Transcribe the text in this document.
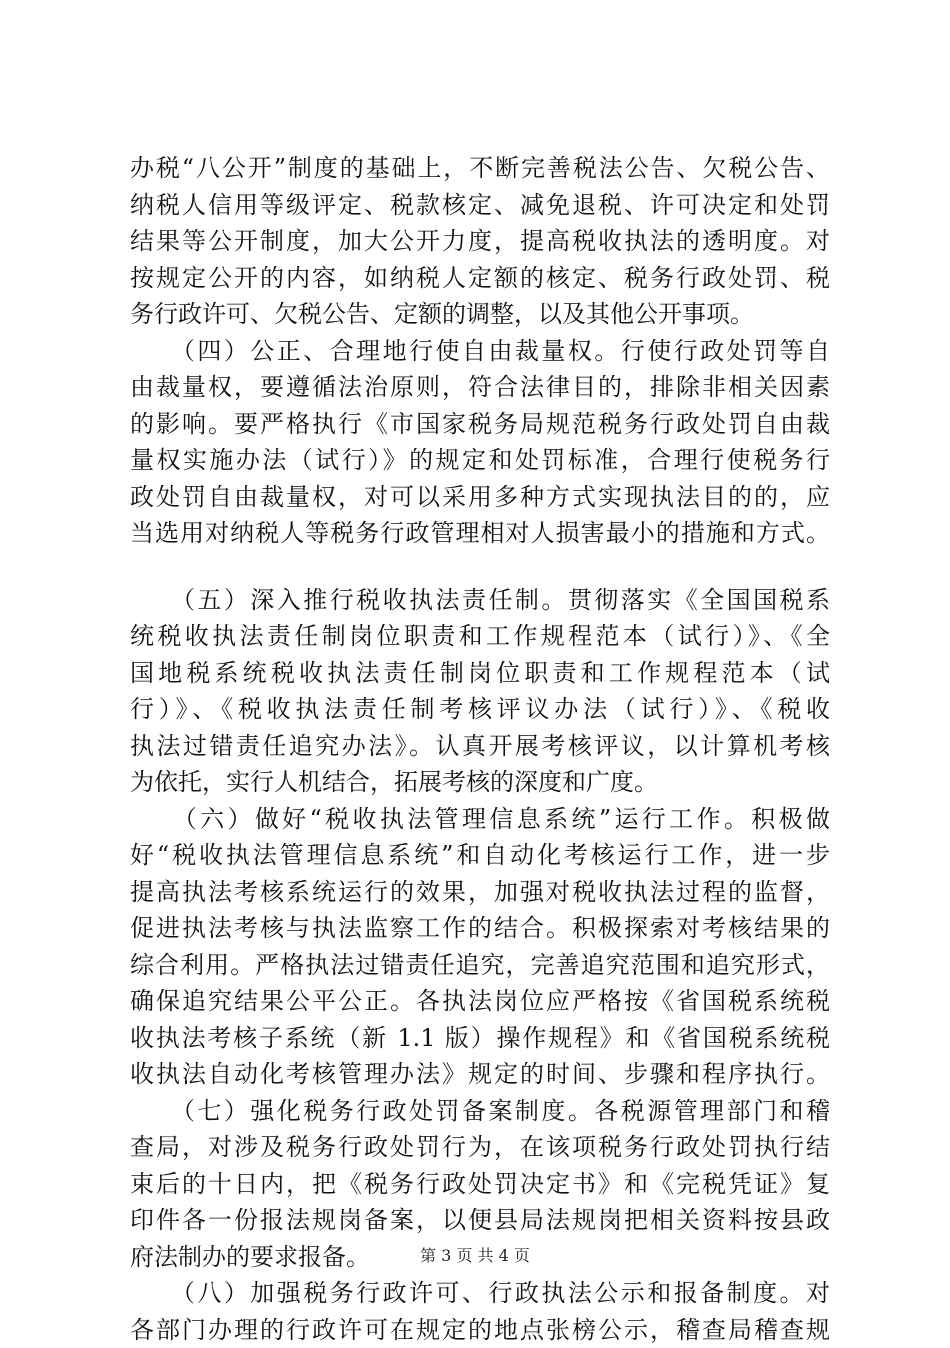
办税“八公开”制度的基础上，不断完善税法公告、欠税公告、
纳税人信用等级评定、税款核定、减免退税、许可决定和处罚
结果等公开制度，加大公开力度，提高税收执法的透明度。对
按规定公开的内容，如纳税人定额的核定、税务行政处罚、税
务行政许可、欠税公告、定额的调整，以及其他公开事项。
　　（四）公正、合理地行使自由裁量权。行使行政处罚等自
由裁量权，要遵循法治原则，符合法律目的，排除非相关因素
的影响。要严格执行《市国家税务局规范税务行政处罚自由裁
量权实施办法（试行）》的规定和处罚标准，合理行使税务行
政处罚自由裁量权，对可以采用多种方式实现执法目的的，应
当选用对纳税人等税务行政管理相对人损害最小的措施和方式。
　　（五）深入推行税收执法责任制。贯彻落实《全国国税系
统税收执法责任制岗位职责和工作规程范本（试行）》、《全
国地税系统税收执法责任制岗位职责和工作规程范本（试
行）》、《税收执法责任制考核评议办法（试行）》、《税收
执法过错责任追究办法》。认真开展考核评议，以计算机考核
为依托，实行人机结合，拓展考核的深度和广度。
　　（六）做好“税收执法管理信息系统”运行工作。积极做
好“税收执法管理信息系统”和自动化考核运行工作，进一步
提高执法考核系统运行的效果，加强对税收执法过程的监督，
促进执法考核与执法监察工作的结合。积极探索对考核结果的
综合利用。严格执法过错责任追究，完善追究范围和追究形式，
确保追究结果公平公正。各执法岗位应严格按《省国税系统税
收执法考核子系统（新 1.1 版）操作规程》和《省国税系统税
收执法自动化考核管理办法》规定的时间、步骤和程序执行。
　　（七）强化税务行政处罚备案制度。各税源管理部门和稽
查局，对涉及税务行政处罚行为，在该项税务行政处罚执行结
束后的十日内，把《税务行政处罚决定书》和《完税凭证》复
印件各一份报法规岗备案，以便县局法规岗把相关资料按县政
府法制办的要求报备。
　　（八）加强税务行政许可、行政执法公示和报备制度。对
各部门办理的行政许可在规定的地点张榜公示，稽查局稽查规
第 3 页 共 4 页
